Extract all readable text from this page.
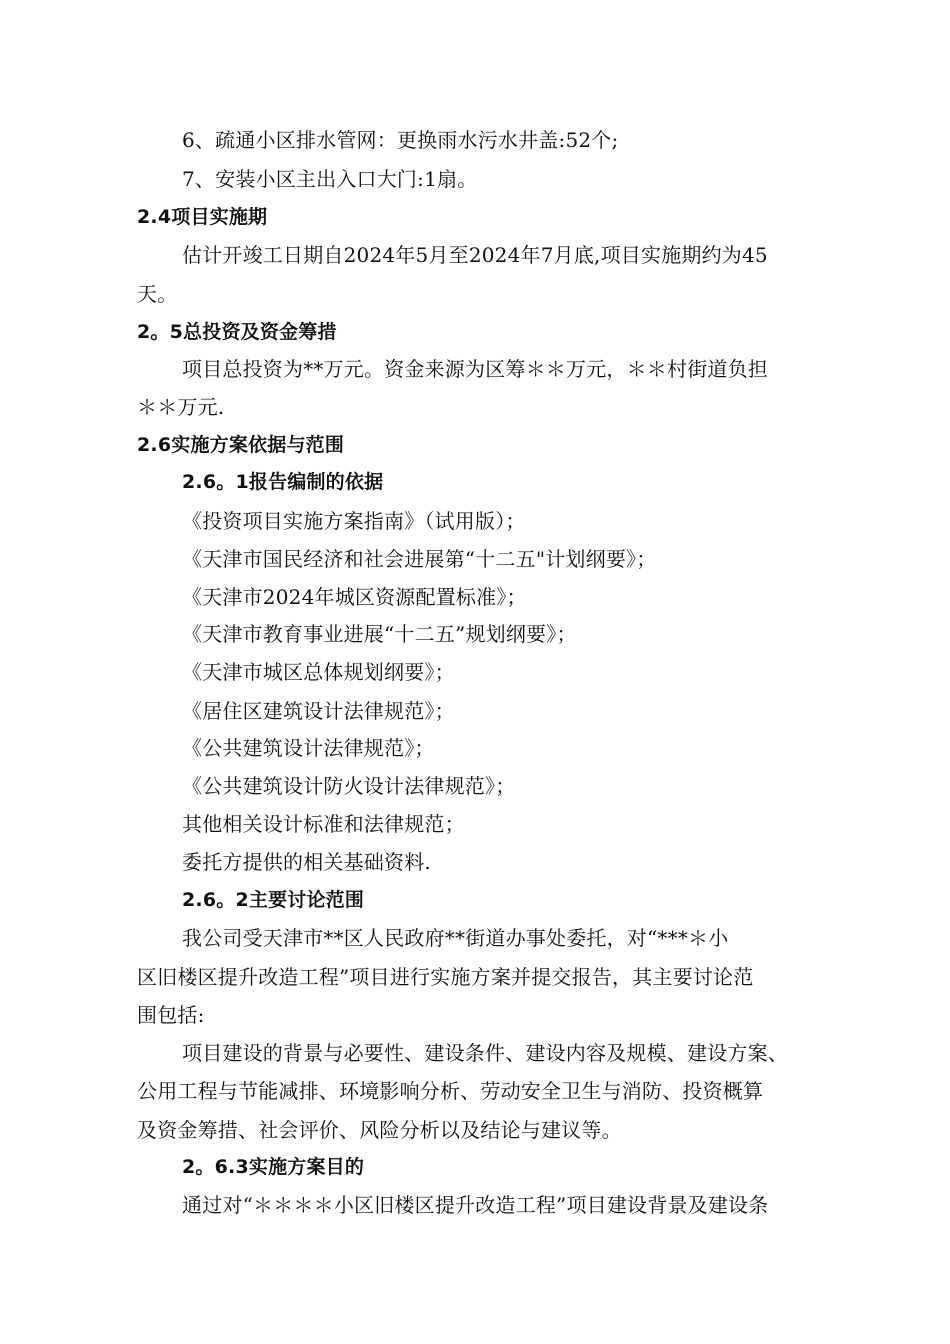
6、疏通小区排水管网：更换雨水污水井盖:52个;
7、安装小区主出入口大门:1扇。
2.4项目实施期
估计开竣工日期自2024年5月至2024年7月底,项目实施期约为45
天。
2。5总投资及资金筹措
项目总投资为**万元。资金来源为区筹＊＊万元，＊＊村街道负担
＊＊万元.
2.6实施方案依据与范围
2.6。1报告编制的依据
《投资项目实施方案指南》（试用版）；
《天津市国民经济和社会进展第“十二五"计划纲要》；
《天津市2024年城区资源配置标准》；
《天津市教育事业进展“十二五”规划纲要》；
《天津市城区总体规划纲要》；
《居住区建筑设计法律规范》；
《公共建筑设计法律规范》；
《公共建筑设计防火设计法律规范》；
其他相关设计标准和法律规范；
委托方提供的相关基础资料.
2.6。2主要讨论范围
我公司受天津市**区人民政府**街道办事处委托，对“***＊小
区旧楼区提升改造工程”项目进行实施方案并提交报告，其主要讨论范
围包括:
项目建设的背景与必要性、建设条件、建设内容及规模、建设方案、
公用工程与节能减排、环境影响分析、劳动安全卫生与消防、投资概算
及资金筹措、社会评价、风险分析以及结论与建议等。
2。6.3实施方案目的
通过对“＊＊＊＊小区旧楼区提升改造工程”项目建设背景及建设条
